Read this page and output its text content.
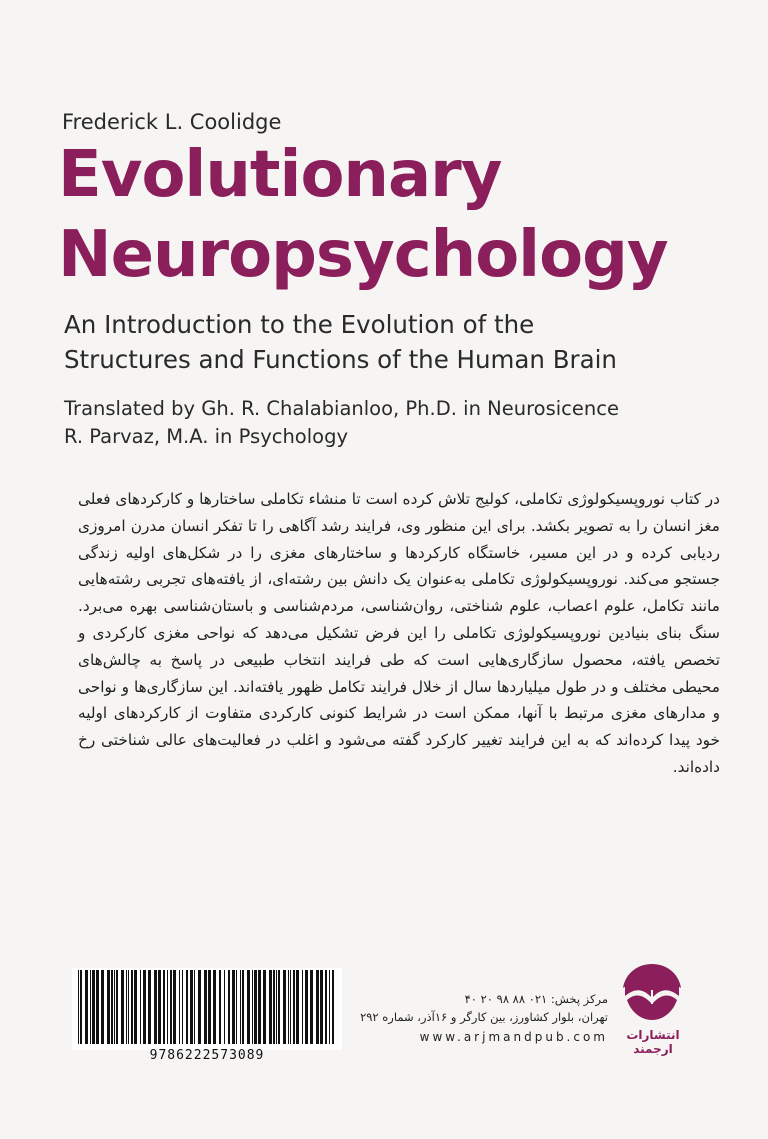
Frederick L. Coolidge
Evolutionary
Neuropsychology
An Introduction to the Evolution of the
Structures and Functions of the Human Brain
Translated by Gh. R. Chalabianloo, Ph.D. in Neurosicence
R. Parvaz, M.A. in Psychology
در کتاب نوروپسیکولوژی تکاملی، کولیج تلاش کرده است تا منشاء تکاملی ساختارها و کارکردهای فعلی مغز انسان را به تصویر بکشد. برای این منظور وی، فرایند رشد آگاهی را تا تفکر انسان مدرن امروزی ردیابی کرده و در این مسیر، خاستگاه کارکردها و ساختارهای مغزی را در شکل‌های اولیه زندگی جستجو می‌کند. نوروپسیکولوژی تکاملی به‌عنوان یک دانش بین رشته‌ای، از یافته‌های تجربی رشته‌هایی مانند تکامل، علوم اعصاب، علوم شناختی، روان‌شناسی، مردم‌شناسی و باستان‌شناسی بهره می‌برد. سنگ بنای بنیادین نوروپسیکولوژی تکاملی را این فرض تشکیل می‌دهد که نواحی مغزی کارکردی و تخصص یافته، محصول سازگاری‌هایی است که طی فرایند انتخاب طبیعی در پاسخ به چالش‌های محیطی مختلف و در طول میلیاردها سال از خلال فرایند تکامل ظهور یافته‌اند. این سازگاری‌ها و نواحی و مدارهای مغزی مرتبط با آنها، ممکن است در شرایط کنونی کارکردی متفاوت از کارکردهای اولیه خود پیدا کرده‌اند که به این فرایند تغییر کارکرد گفته می‌شود و اغلب در فعالیت‌های عالی شناختی رخ داده‌اند.
9786222573089
مرکز پخش: ۰۲۱ ۸۸ ۹۸ ۲۰ ۴۰
تهران، بلوار کشاورز، بین کارگر و ۱۶آذر، شماره ۲۹۲
www.arjmandpub.com	انتشارات ارجمند
